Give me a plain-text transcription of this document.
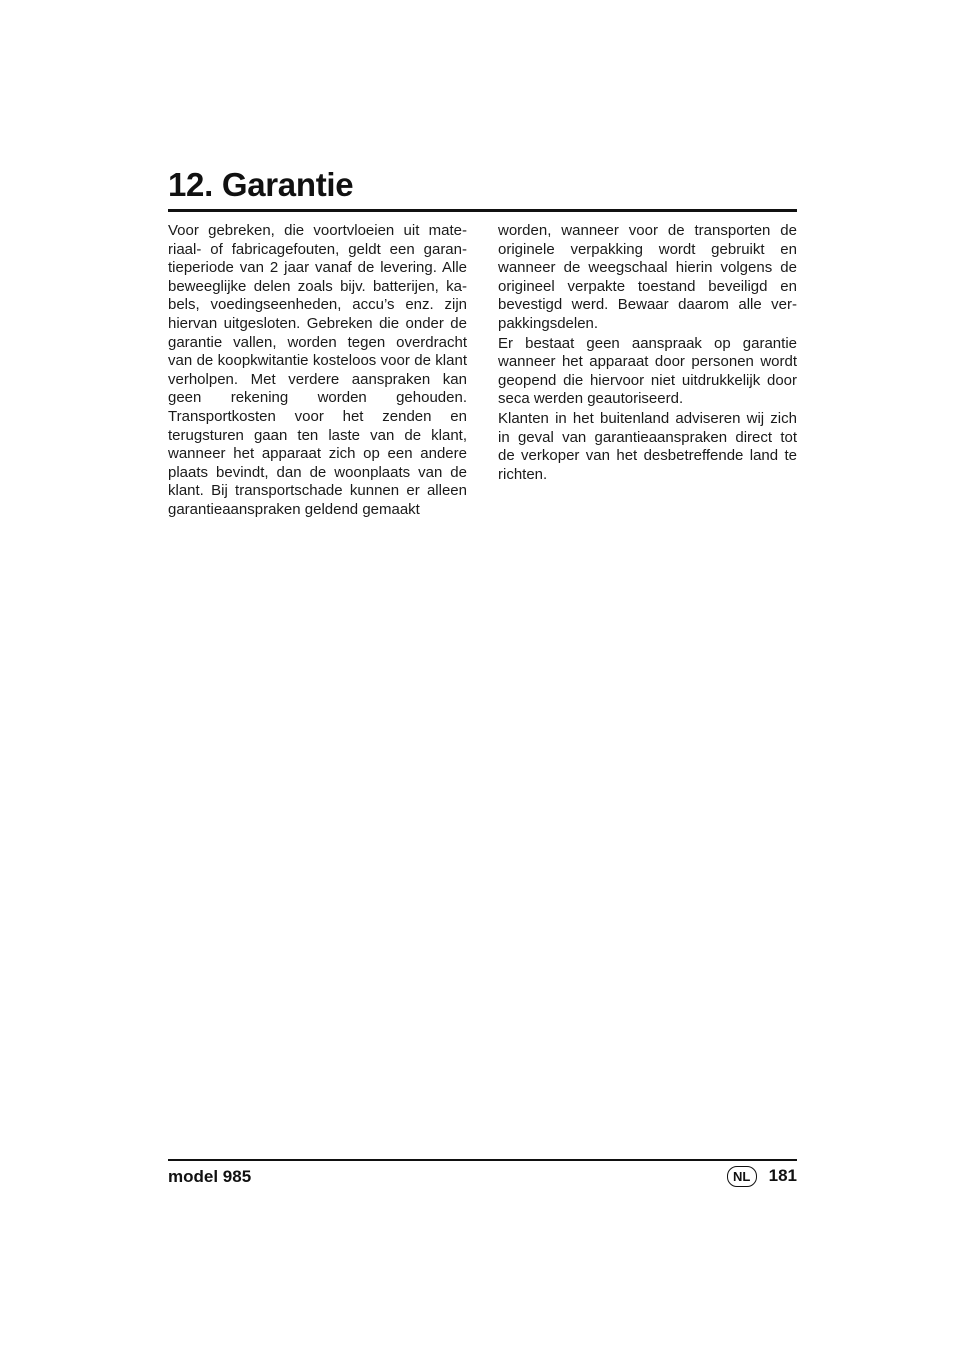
12. Garantie

Voor gebreken, die voortvloeien uit materiaal- of fabricagefouten, geldt een garantieperiode van 2 jaar vanaf de levering. Alle beweeglijke delen zoals bijv. batterijen, kabels, voedingseenheden, accu’s enz. zijn hiervan uitgesloten. Gebreken die onder de garantie vallen, worden tegen overdracht van de koopkwitantie kosteloos voor de klant verholpen. Met verdere aanspraken kan geen rekening worden gehouden. Transportkosten voor het zenden en terugsturen gaan ten laste van de klant, wanneer het apparaat zich op een andere plaats bevindt, dan de woonplaats van de klant. Bij transportschade kunnen er alleen garantieaanspraken geldend gemaakt

worden, wanneer voor de transporten de originele verpakking wordt gebruikt en wanneer de weegschaal hierin volgens de origineel verpakte toestand beveiligd en bevestigd werd. Bewaar daarom alle verpakkingsdelen.

Er bestaat geen aanspraak op garantie wanneer het apparaat door personen wordt geopend die hiervoor niet uitdrukkelijk door seca werden geautoriseerd.

Klanten in het buitenland adviseren wij zich in geval van garantieaanspraken direct tot de verkoper van het desbetreffende land te richten.

model 985	NL	181
